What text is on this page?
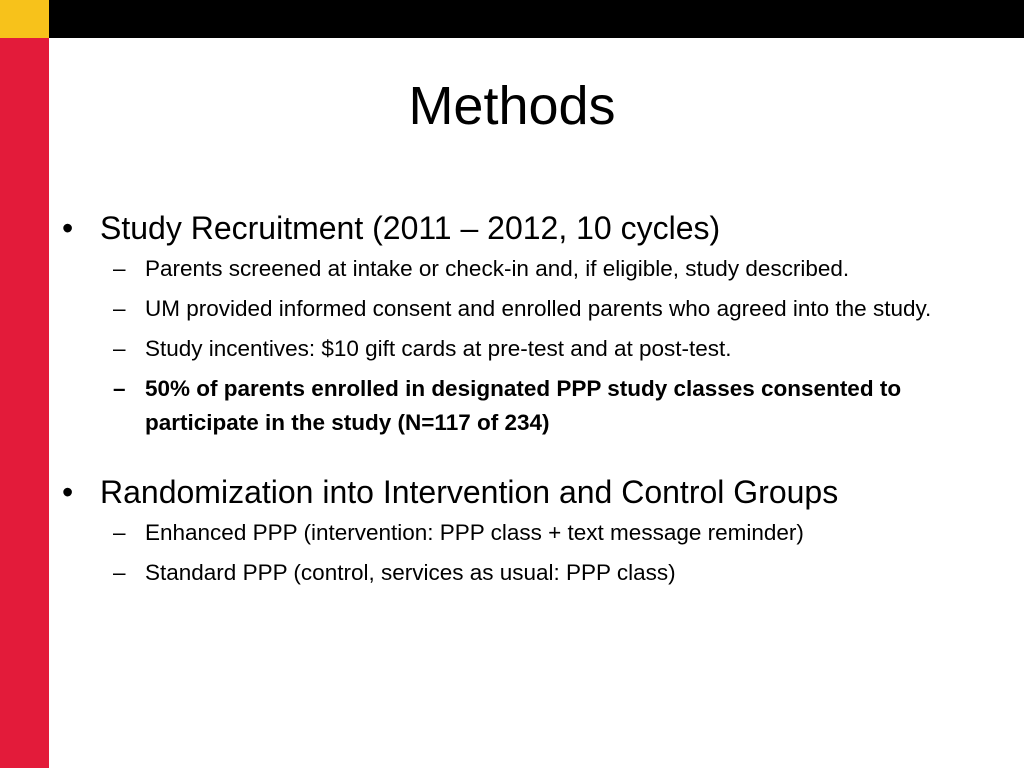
Methods
• Study Recruitment (2011 – 2012, 10 cycles)
– Parents screened at intake or check-in and, if eligible, study described.
– UM provided informed consent and enrolled parents who agreed into the study.
– Study incentives: $10 gift cards at pre-test and at post-test.
– 50% of parents enrolled in designated PPP study classes consented to participate in the study (N=117 of 234)
• Randomization into Intervention and Control Groups
– Enhanced PPP (intervention: PPP class + text message reminder)
– Standard PPP (control, services as usual: PPP class)
